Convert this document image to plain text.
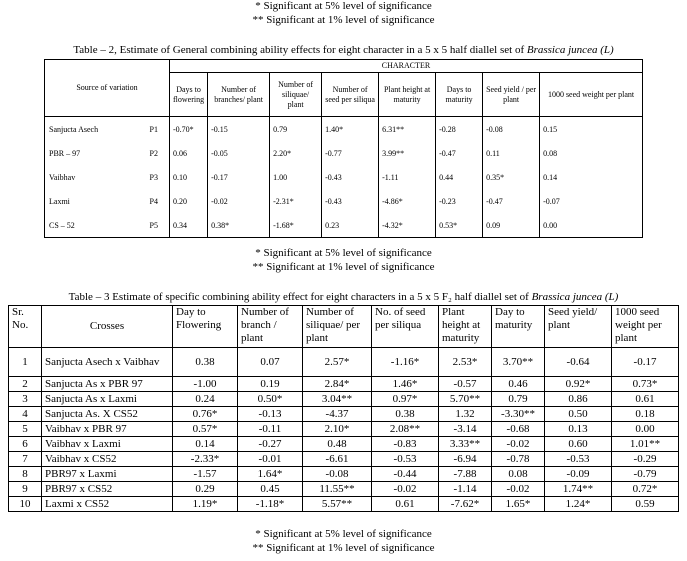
* Significant at 5% level of significance
** Significant at 1% level of significance
Table – 2, Estimate of General combining ability effects for eight character in a 5 x 5 half diallel set of Brassica juncea (L)
Source of variation	CHARACTER							
	Days to flowering	Number of branches/ plant	Number of siliquae/ plant	Number of seed per siliqua	Plant height at maturity	Days to maturity	Seed yield / per plant	1000 seed weight per plant
Sanjucta Asech P1	-0.70*	-0.15	0.79	1.40*	6.31**	-0.28	-0.08	0.15
PBR – 97 P2	0.06	-0.05	2.20*	-0.77	3.99**	-0.47	0.11	0.08
Vaibhav P3	0.10	-0.17	1.00	-0.43	-1.11	0.44	0.35*	0.14
Laxmi P4	0.20	-0.02	-2.31*	-0.43	-4.86*	-0.23	-0.47	-0.07
CS – 52 P5	0.34	0.38*	-1.68*	0.23	-4.32*	0.53*	0.09	0.00
* Significant at 5% level of significance
** Significant at 1% level of significance
Table – 3 Estimate of specific combining ability effect for eight characters in a 5 x 5 F₂ half diallel set of Brassica juncea (L)
Sr. No.	Crosses	Day to Flowering	Number of branch / plant	Number of siliquae/ per plant	No. of seed per siliqua	Plant height at maturity	Day to maturity	Seed yield/ plant	1000 seed weight per plant
1	Sanjucta Asech x Vaibhav	0.38	0.07	2.57*	-1.16*	2.53*	3.70**	-0.64	-0.17
2	Sanjucta As x PBR 97	-1.00	0.19	2.84*	1.46*	-0.57	0.46	0.92*	0.73*
3	Sanjucta As x Laxmi	0.24	0.50*	3.04**	0.97*	5.70**	0.79	0.86	0.61
4	Sanjucta As. X CS52	0.76*	-0.13	-4.37	0.38	1.32	-3.30**	0.50	0.18
5	Vaibhav x PBR 97	0.57*	-0.11	2.10*	2.08**	-3.14	-0.68	0.13	0.00
6	Vaibhav x Laxmi	0.14	-0.27	0.48	-0.83	3.33**	-0.02	0.60	1.01**
7	Vaibhav x CS52	-2.33*	-0.01	-6.61	-0.53	-6.94	-0.78	-0.53	-0.29
8	PBR97 x Laxmi	-1.57	1.64*	-0.08	-0.44	-7.88	0.08	-0.09	-0.79
9	PBR97 x CS52	0.29	0.45	11.55**	-0.02	-1.14	-0.02	1.74**	0.72*
10	Laxmi x CS52	1.19*	-1.18*	5.57**	0.61	-7.62*	1.65*	1.24*	0.59
* Significant at 5% level of significance
** Significant at 1% level of significance
